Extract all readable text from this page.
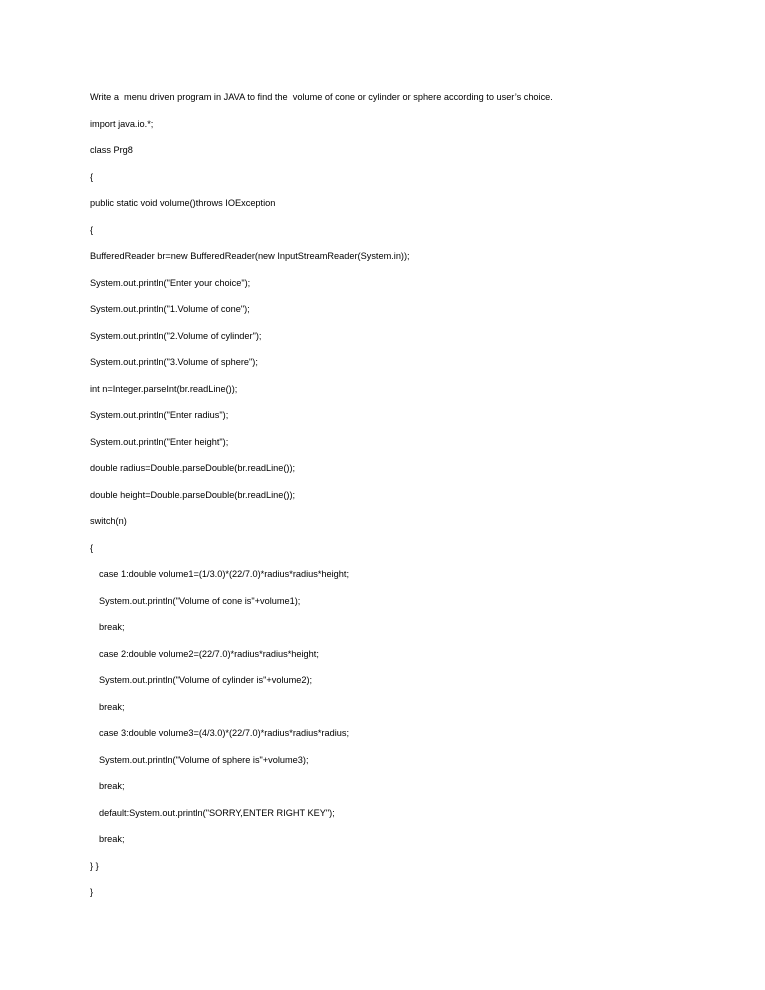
Write a  menu driven program in JAVA to find the  volume of cone or cylinder or sphere according to user’s choice.
import java.io.*;
class Prg8
{
public static void volume()throws IOException
{
BufferedReader br=new BufferedReader(new InputStreamReader(System.in));
System.out.println("Enter your choice");
System.out.println("1.Volume of cone");
System.out.println("2.Volume of cylinder");
System.out.println("3.Volume of sphere");
int n=Integer.parseInt(br.readLine());
System.out.println("Enter radius");
System.out.println("Enter height");
double radius=Double.parseDouble(br.readLine());
double height=Double.parseDouble(br.readLine());
switch(n)
{
case 1:double volume1=(1/3.0)*(22/7.0)*radius*radius*height;
System.out.println("Volume of cone is"+volume1);
break;
case 2:double volume2=(22/7.0)*radius*radius*height;
System.out.println("Volume of cylinder is"+volume2);
break;
case 3:double volume3=(4/3.0)*(22/7.0)*radius*radius*radius;
System.out.println("Volume of sphere is"+volume3);
break;
default:System.out.println("SORRY,ENTER RIGHT KEY");
break;
} }
}
